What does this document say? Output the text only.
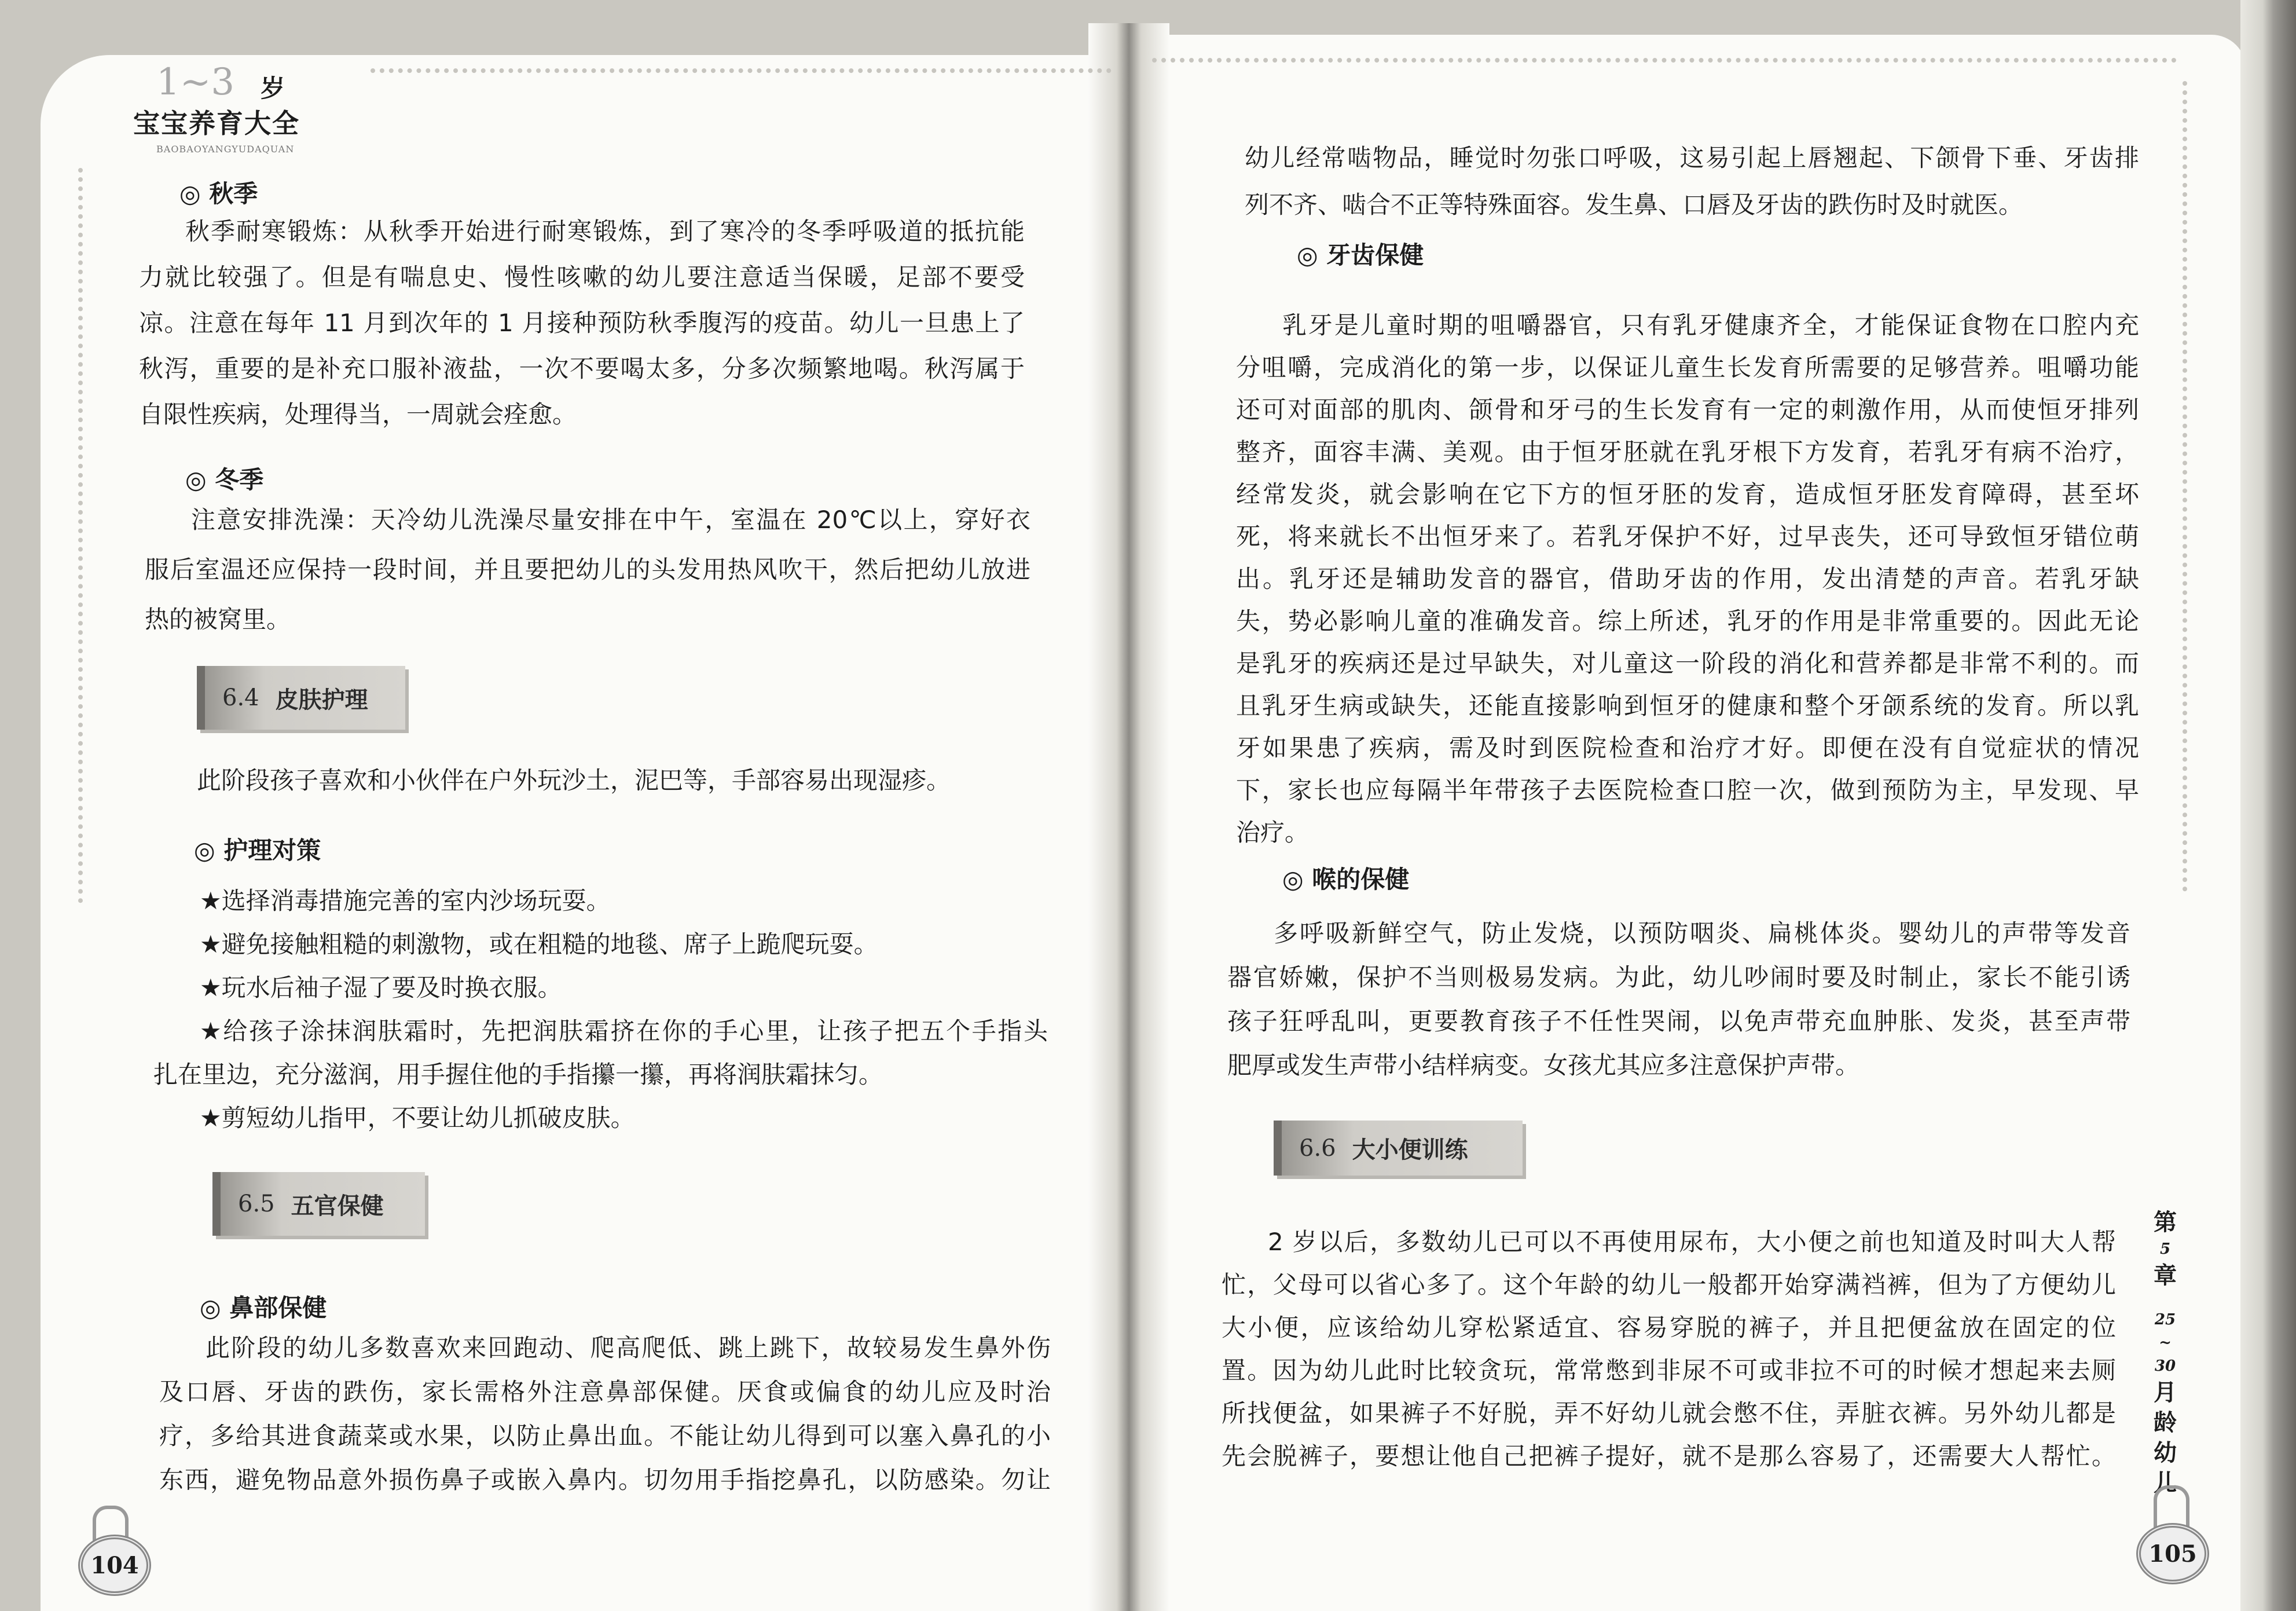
1~3 岁
宝宝养育大全
BAOBAOYANGYUDAQUAN
◎ 秋季
秋季耐寒锻炼：从秋季开始进行耐寒锻炼，到了寒冷的冬季呼吸道的抵抗能
力就比较强了。但是有喘息史、慢性咳嗽的幼儿要注意适当保暖，足部不要受
凉。注意在每年 11 月到次年的 1 月接种预防秋季腹泻的疫苗。幼儿一旦患上了
秋泻，重要的是补充口服补液盐，一次不要喝太多，分多次频繁地喝。秋泻属于
自限性疾病，处理得当，一周就会痊愈。
◎ 冬季
注意安排洗澡：天冷幼儿洗澡尽量安排在中午，室温在 20℃以上，穿好衣
服后室温还应保持一段时间，并且要把幼儿的头发用热风吹干，然后把幼儿放进
热的被窝里。
6.4 皮肤护理
此阶段孩子喜欢和小伙伴在户外玩沙土，泥巴等，手部容易出现湿疹。
◎ 护理对策
★选择消毒措施完善的室内沙场玩耍。
★避免接触粗糙的刺激物，或在粗糙的地毯、席子上跪爬玩耍。
★玩水后袖子湿了要及时换衣服。
★给孩子涂抹润肤霜时，先把润肤霜挤在你的手心里，让孩子把五个手指头
扎在里边，充分滋润，用手握住他的手指攥一攥，再将润肤霜抹匀。
★剪短幼儿指甲，不要让幼儿抓破皮肤。
6.5 五官保健
◎ 鼻部保健
此阶段的幼儿多数喜欢来回跑动、爬高爬低、跳上跳下，故较易发生鼻外伤
及口唇、牙齿的跌伤，家长需格外注意鼻部保健。厌食或偏食的幼儿应及时治
疗，多给其进食蔬菜或水果，以防止鼻出血。不能让幼儿得到可以塞入鼻孔的小
东西，避免物品意外损伤鼻子或嵌入鼻内。切勿用手指挖鼻孔，以防感染。勿让
104
幼儿经常啮物品，睡觉时勿张口呼吸，这易引起上唇翘起、下颌骨下垂、牙齿排
列不齐、啮合不正等特殊面容。发生鼻、口唇及牙齿的跌伤时及时就医。
◎ 牙齿保健
乳牙是儿童时期的咀嚼器官，只有乳牙健康齐全，才能保证食物在口腔内充
分咀嚼，完成消化的第一步，以保证儿童生长发育所需要的足够营养。咀嚼功能
还可对面部的肌肉、颌骨和牙弓的生长发育有一定的刺激作用，从而使恒牙排列
整齐，面容丰满、美观。由于恒牙胚就在乳牙根下方发育，若乳牙有病不治疗，
经常发炎，就会影响在它下方的恒牙胚的发育，造成恒牙胚发育障碍，甚至坏
死，将来就长不出恒牙来了。若乳牙保护不好，过早丧失，还可导致恒牙错位萌
出。乳牙还是辅助发音的器官，借助牙齿的作用，发出清楚的声音。若乳牙缺
失，势必影响儿童的准确发音。综上所述，乳牙的作用是非常重要的。因此无论
是乳牙的疾病还是过早缺失，对儿童这一阶段的消化和营养都是非常不利的。而
且乳牙生病或缺失，还能直接影响到恒牙的健康和整个牙颌系统的发育。所以乳
牙如果患了疾病，需及时到医院检查和治疗才好。即便在没有自觉症状的情况
下，家长也应每隔半年带孩子去医院检查口腔一次，做到预防为主，早发现、早
治疗。
◎ 喉的保健
多呼吸新鲜空气，防止发烧，以预防咽炎、扁桃体炎。婴幼儿的声带等发音
器官娇嫩，保护不当则极易发病。为此，幼儿吵闹时要及时制止，家长不能引诱
孩子狂呼乱叫，更要教育孩子不任性哭闹，以免声带充血肿胀、发炎，甚至声带
肥厚或发生声带小结样病变。女孩尤其应多注意保护声带。
6.6 大小便训练
2 岁以后，多数幼儿已可以不再使用尿布，大小便之前也知道及时叫大人帮
忙，父母可以省心多了。这个年龄的幼儿一般都开始穿满裆裤，但为了方便幼儿
大小便，应该给幼儿穿松紧适宜、容易穿脱的裤子，并且把便盆放在固定的位
置。因为幼儿此时比较贪玩，常常憋到非尿不可或非拉不可的时候才想起来去厕
所找便盆，如果裤子不好脱，弄不好幼儿就会憋不住，弄脏衣裤。另外幼儿都是
先会脱裤子，要想让他自己把裤子提好，就不是那么容易了，还需要大人帮忙。
第
5
章
25
~
30
月
龄
幼
儿
105
